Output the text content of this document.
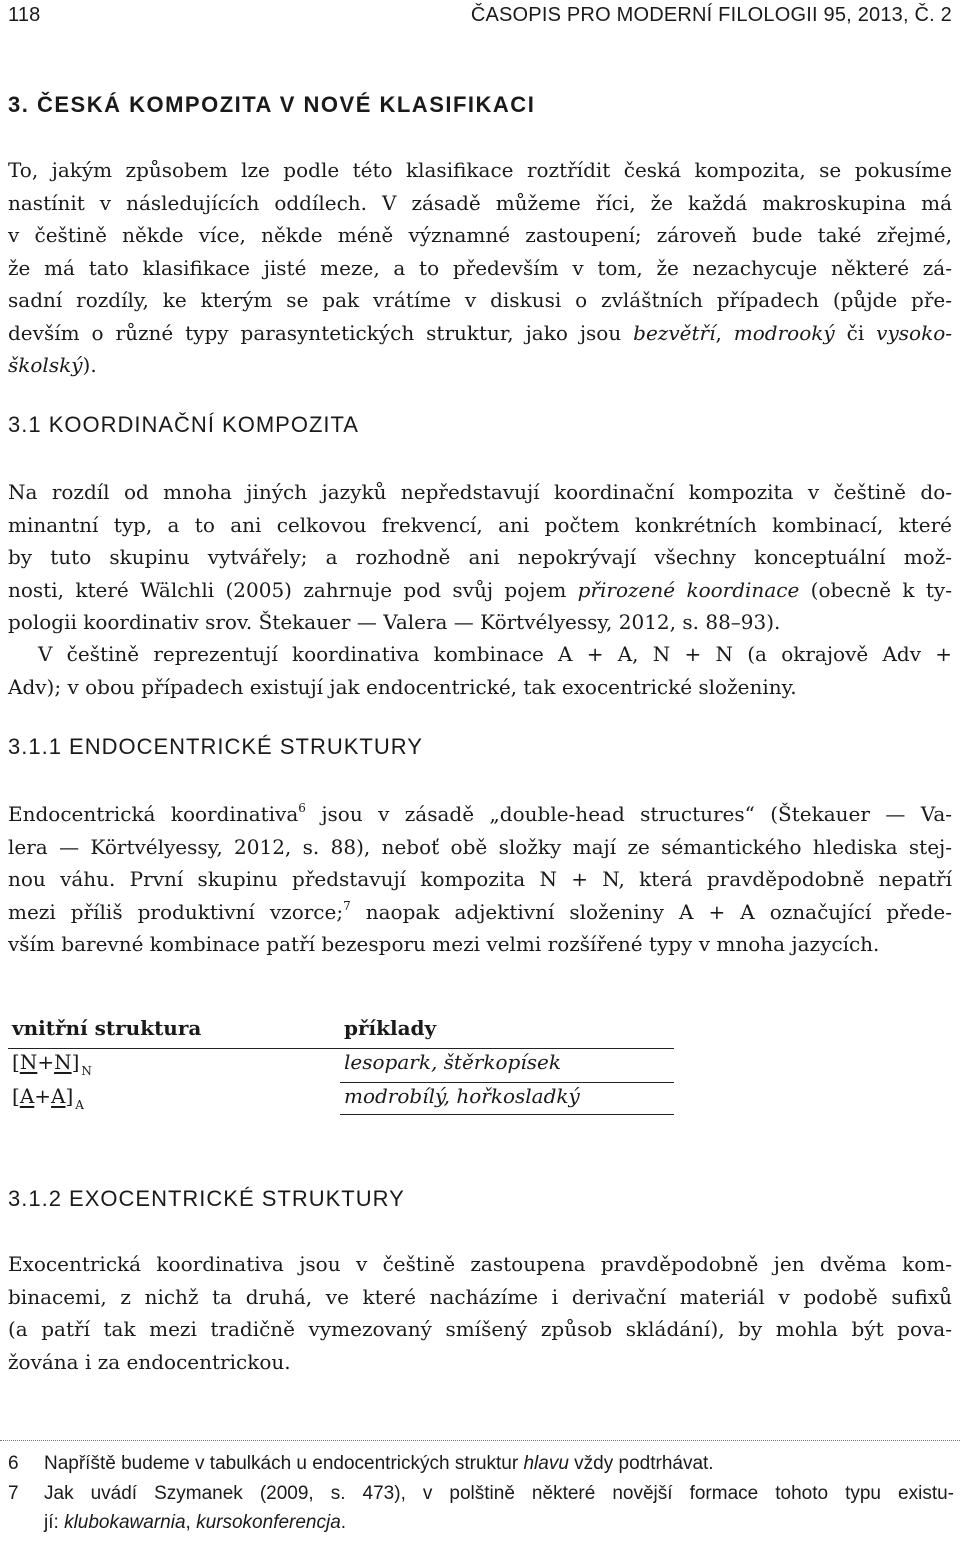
118	ČASOPIS PRO MODERNÍ FILOLOGII 95, 2013, Č. 2
3. ČESKÁ KOMPOZITA V NOVÉ KLASIFIKACI
To, jakým způsobem lze podle této klasifikace roztřídit česká kompozita, se pokusíme
nastínit v následujících oddílech. V zásadě můžeme říci, že každá makroskupina má
v češtině někde více, někde méně významné zastoupení; zároveň bude také zřejmé,
že má tato klasifikace jisté meze, a to především v tom, že nezachycuje některé zá-
sadní rozdíly, ke kterým se pak vrátíme v diskusi o zvláštních případech (půjde pře-
devším o různé typy parasyntetických struktur, jako jsou bezvětří, modrooký či vysoko-
školský).
3.1 KOORDINAČNÍ KOMPOZITA
Na rozdíl od mnoha jiných jazyků nepředstavují koordinační kompozita v češtině do-
minantní typ, a to ani celkovou frekvencí, ani počtem konkrétních kombinací, které
by tuto skupinu vytvářely; a rozhodně ani nepokrývají všechny konceptuální mož-
nosti, které Wälchli (2005) zahrnuje pod svůj pojem přirozené koordinace (obecně k ty-
pologii koordinativ srov. Štekauer — Valera — Körtvélyessy, 2012, s. 88–93).
V češtině reprezentují koordinativa kombinace A + A, N + N (a okrajově Adv +
Adv); v obou případech existují jak endocentrické, tak exocentrické složeniny.
3.1.1 ENDOCENTRICKÉ STRUKTURY
Endocentrická koordinativa$^6$ jsou v zásadě „double-head structures“ (Štekauer — Va-
lera — Körtvélyessy, 2012, s. 88), neboť obě složky mají ze sémantického hlediska stej-
nou váhu. První skupinu představují kompozita N + N, která pravděpodobně nepatří
mezi příliš produktivní vzorce;$^7$ naopak adjektivní složeniny A + A označující přede-
vším barevné kombinace patří bezesporu mezi velmi rozšířené typy v mnoha jazycích.
vnitřní struktura	příklady
[N+N] $_N$	lesopark, štěrkopísek
[A+A] $_A$	modrobílý, hořkosladký
3.1.2 EXOCENTRICKÉ STRUKTURY
Exocentrická koordinativa jsou v češtině zastoupena pravděpodobně jen dvěma kom-
binacemi, z nichž ta druhá, ve které nacházíme i derivační materiál v podobě sufixů
(a patří tak mezi tradičně vymezovaný smíšený způsob skládání), by mohla být pova-
žována i za endocentrickou.
6	Napříště budeme v tabulkách u endocentrických struktur hlavu vždy podtrhávat.
7	Jak uvádí Szymanek (2009, s. 473), v polštině některé novější formace tohoto typu existu-
jí: klubokawarnia, kursokonferencja.
